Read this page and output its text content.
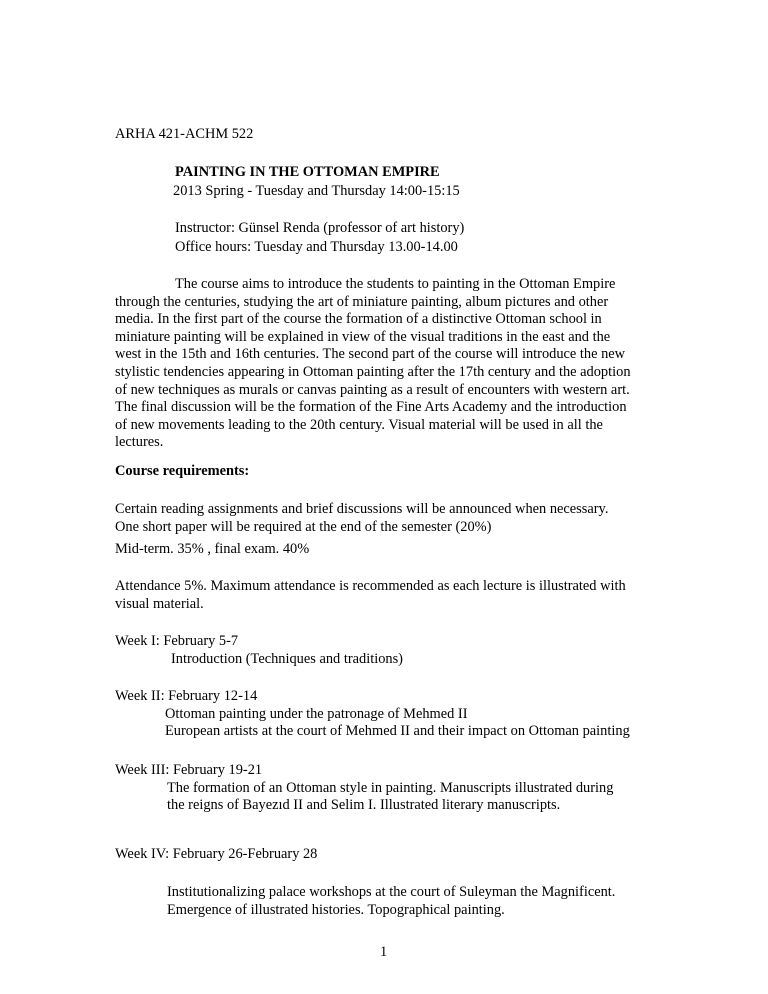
ARHA 421-ACHM 522
PAINTING IN THE OTTOMAN EMPIRE
2013 Spring - Tuesday and Thursday 14:00-15:15
Instructor: Günsel Renda (professor of art history)
Office hours: Tuesday and Thursday 13.00-14.00
The course aims to introduce the students to painting in the Ottoman Empire
through the centuries, studying the art of miniature painting, album pictures and other
media. In the first part of the course the formation of a distinctive Ottoman school in
miniature painting will be explained in view of the visual traditions in the east and the
west in the 15th and 16th centuries. The second part of the course will introduce the new
stylistic tendencies appearing in Ottoman painting after the 17th century and the adoption
of new techniques as murals or canvas painting as a result of encounters with western art.
The final discussion will be the formation of the Fine Arts Academy and the introduction
of new movements leading to the 20th century. Visual material will be used in all the
lectures.
Course requirements:
Certain reading assignments and brief discussions will be announced when necessary.
One short paper will be required at the end of the semester (20%)
Mid-term. 35% , final exam. 40%
Attendance 5%. Maximum attendance is recommended as each lecture is illustrated with
visual material.
Week I: February 5-7
Introduction (Techniques and traditions)
Week II: February 12-14
Ottoman painting under the patronage of Mehmed II
European artists at the court of Mehmed II and their impact on Ottoman painting
Week III: February 19-21
The formation of an Ottoman style in painting. Manuscripts illustrated during
the reigns of Bayezıd II and Selim I. Illustrated literary manuscripts.
Week IV: February 26-February 28
Institutionalizing palace workshops at the court of Suleyman the Magnificent.
Emergence of illustrated histories. Topographical painting.
1
